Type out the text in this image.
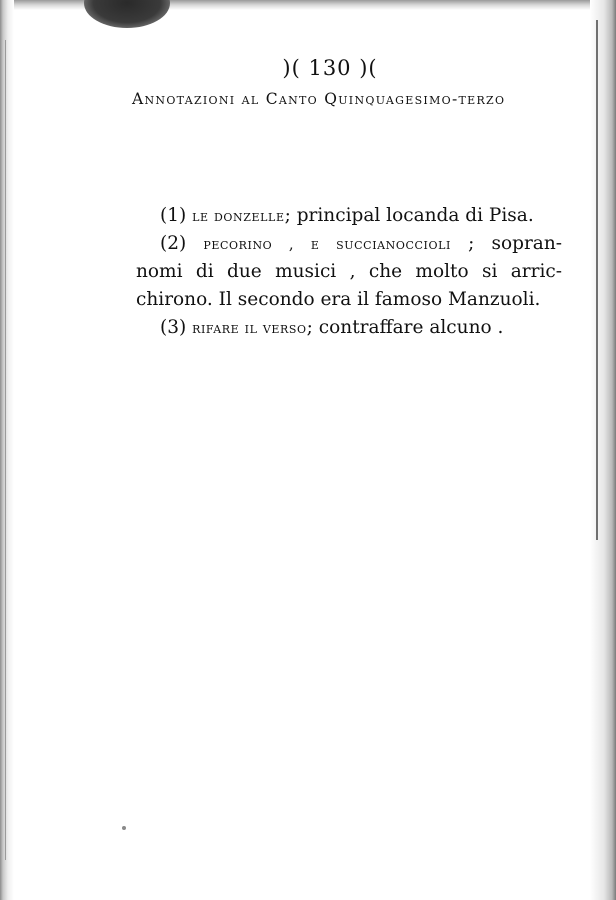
)( 130 )(
Annotazioni al Canto Quinquagesimo-terzo
(1) le donzelle; principal locanda di Pisa.
(2) pecorino , e succianoccioli ; sopran-
nomi di due musici , che molto si arric-
chirono. Il secondo era il famoso Manzuoli.
(3) rifare il verso; contraffare alcuno .
